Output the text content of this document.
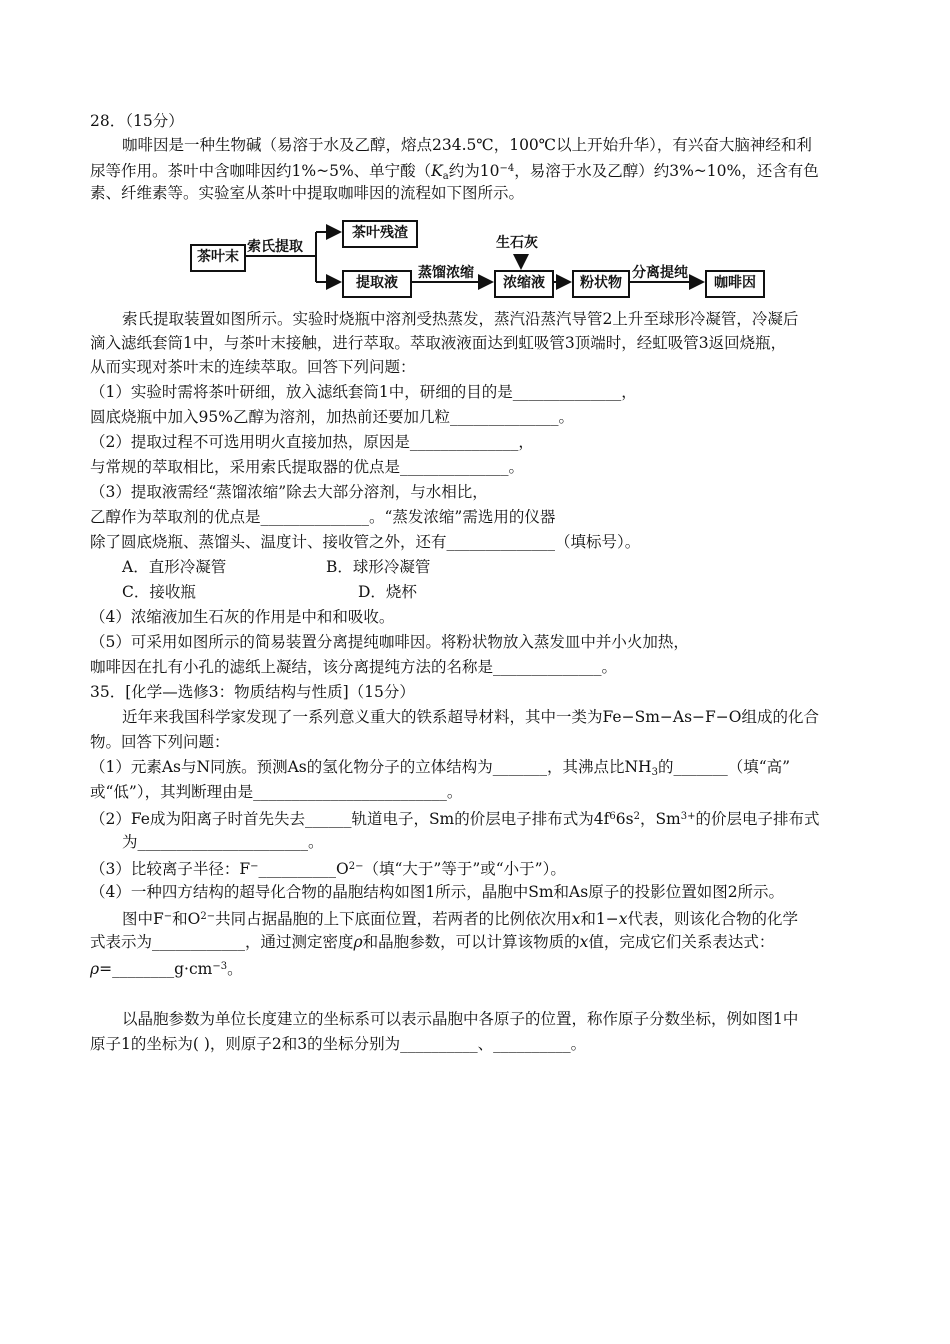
28．（15分）
咖啡因是一种生物碱（易溶于水及乙醇，熔点234.5℃，100℃以上开始升华），有兴奋大脑神经和利
尿等作用。茶叶中含咖啡因约1%~5%、单宁酸（$K_a$约为$10^{-4}$，易溶于水及乙醇）约3%~10%，还含有色
素、纤维素等。实验室从茶叶中提取咖啡因的流程如下图所示。
茶叶末
索氏提取
茶叶残渣
提取液
蒸馏浓缩
生石灰
浓缩液	粉状物
分离提纯
咖啡因
索氏提取装置如图所示。实验时烧瓶中溶剂受热蒸发，蒸汽沿蒸汽导管2上升至球形冷凝管，冷凝后
滴入滤纸套筒1中，与茶叶末接触，进行萃取。萃取液液面达到虹吸管3顶端时，经虹吸管3返回烧瓶，
从而实现对茶叶末的连续萃取。回答下列问题：
（1）实验时需将茶叶研细，放入滤纸套筒1中，研细的目的是______________，
圆底烧瓶中加入95%乙醇为溶剂，加热前还要加几粒______________。
（2）提取过程不可选用明火直接加热，原因是______________，
与常规的萃取相比，采用索氏提取器的优点是______________。
（3）提取液需经“蒸馏浓缩”除去大部分溶剂，与水相比，
乙醇作为萃取剂的优点是______________。“蒸发浓缩”需选用的仪器
除了圆底烧瓶、蒸馏头、温度计、接收管之外，还有______________（填标号）。
A．直形冷凝管	B．球形冷凝管
C．接收瓶	D．烧杯
（4）浓缩液加生石灰的作用是中和和吸收。
（5）可采用如图所示的简易装置分离提纯咖啡因。将粉状物放入蒸发皿中并小火加热，
咖啡因在扎有小孔的滤纸上凝结，该分离提纯方法的名称是______________。
35．[化学—选修3：物质结构与性质]（15分）
近年来我国科学家发现了一系列意义重大的铁系超导材料，其中一类为Fe−Sm−As−F−O组成的化合
物。回答下列问题：
（1）元素As与N同族。预测As的氢化物分子的立体结构为_______，其沸点比$NH_3$的_______（填“高”
或“低”），其判断理由是_________________________。
（2）Fe成为阳离子时首先失去______轨道电子，Sm的价层电子排布式为$4f^66s^2$，$Sm^{3+}$的价层电子排布式
为______________________。
（3）比较离子半径：$F^-\_\_\_\_\_\_\_\_\_\_O^{2-}$（填“大于”等于”或“小于”）。
（4）一种四方结构的超导化合物的晶胞结构如图1所示，晶胞中Sm和As原子的投影位置如图2所示。
图中F−和$O^{2-}$共同占据晶胞的上下底面位置，若两者的比例依次用x和1−x代表，则该化合物的化学
式表示为____________，通过测定密度ρ和晶胞参数，可以计算该物质的x值，完成它们关系表达式：
$\rho=\_\_\_\_\_\_\_\_g\cdot cm^{-3}$。
以晶胞参数为单位长度建立的坐标系可以表示晶胞中各原子的位置，称作原子分数坐标，例如图1中
原子1的坐标为( )，则原子2和3的坐标分别为__________、__________。
